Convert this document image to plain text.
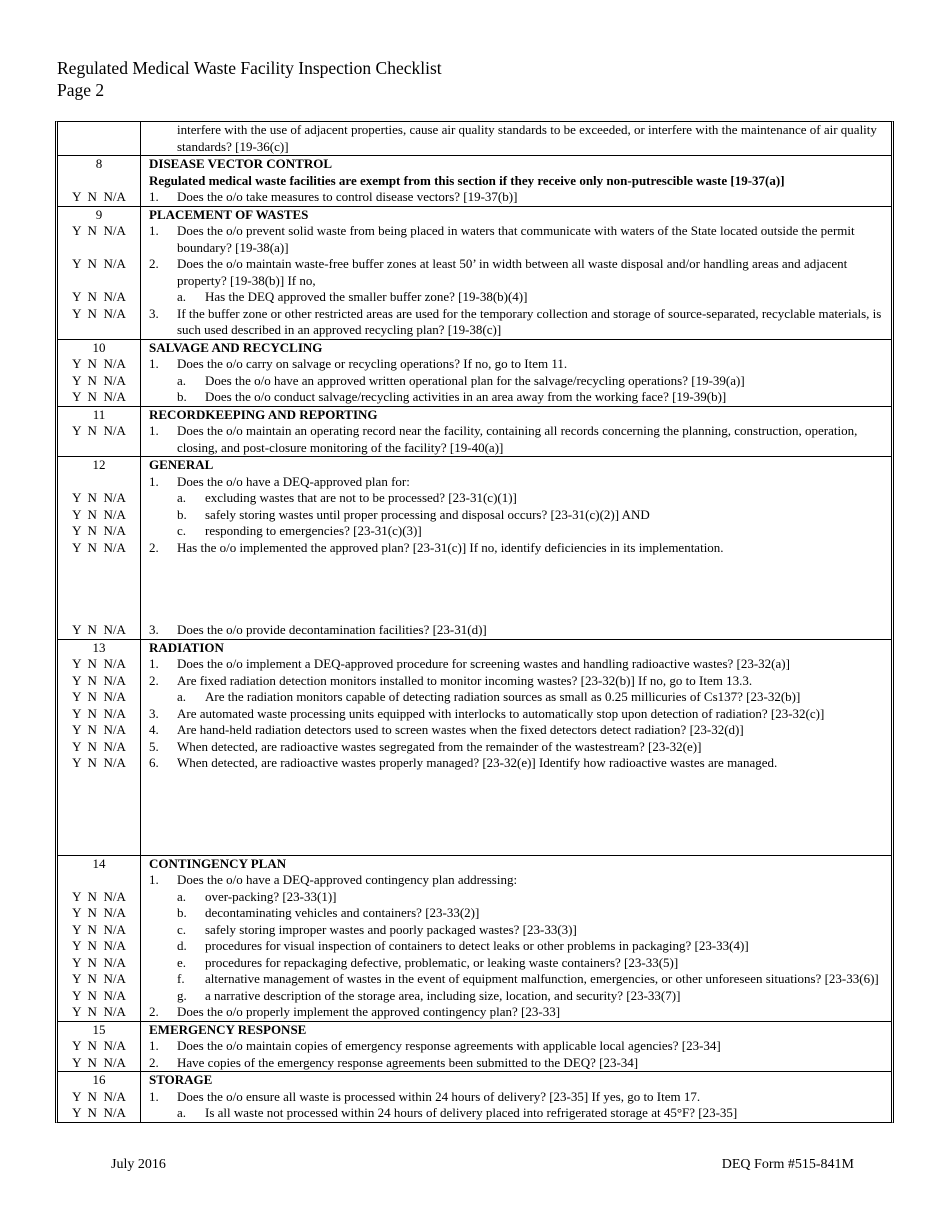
Regulated Medical Waste Facility Inspection Checklist
Page 2
interfere with the use of adjacent properties, cause air quality standards to be exceeded, or interfere with the maintenance of air quality standards? [19-36(c)]
8	DISEASE VECTOR CONTROL
Regulated medical waste facilities are exempt from this section if they receive only non-putrescible waste [19-37(a)]
Y  N  N/A	1.	Does the o/o take measures to control disease vectors? [19-37(b)]
9	PLACEMENT OF WASTES
Y  N  N/A	1.	Does the o/o prevent solid waste from being placed in waters that communicate with waters of the State located outside the permit boundary? [19-38(a)]
Y  N  N/A	2.	Does the o/o maintain waste-free buffer zones at least 50’ in width between all waste disposal and/or handling areas and adjacent property? [19-38(b)] If no,
Y  N  N/A	a.	Has the DEQ approved the smaller buffer zone? [19-38(b)(4)]
Y  N  N/A	3.	If the buffer zone or other restricted areas are used for the temporary collection and storage of source-separated, recyclable materials, is such used described in an approved recycling plan? [19-38(c)]
10	SALVAGE AND RECYCLING
Y  N  N/A	1.	Does the o/o carry on salvage or recycling operations? If no, go to Item 11.
Y  N  N/A	a.	Does the o/o have an approved written operational plan for the salvage/recycling operations? [19-39(a)]
Y  N  N/A	b.	Does the o/o conduct salvage/recycling activities in an area away from the working face? [19-39(b)]
11	RECORDKEEPING AND REPORTING
Y  N  N/A	1.	Does the o/o maintain an operating record near the facility, containing all records concerning the planning, construction, operation, closing, and post-closure monitoring of the facility? [19-40(a)]
12	GENERAL
1.	Does the o/o have a DEQ-approved plan for:
Y  N  N/A	a.	excluding wastes that are not to be processed? [23-31(c)(1)]
Y  N  N/A	b.	safely storing wastes until proper processing and disposal occurs? [23-31(c)(2)] AND
Y  N  N/A	c.	responding to emergencies? [23-31(c)(3)]
Y  N  N/A	2.	Has the o/o implemented the approved plan? [23-31(c)] If no, identify deficiencies in its implementation.
Y  N  N/A	3.	Does the o/o provide decontamination facilities? [23-31(d)]
13	RADIATION
Y  N  N/A	1.	Does the o/o implement a DEQ-approved procedure for screening wastes and handling radioactive wastes? [23-32(a)]
Y  N  N/A	2.	Are fixed radiation detection monitors installed to monitor incoming wastes? [23-32(b)] If no, go to Item 13.3.
Y  N  N/A	a.	Are the radiation monitors capable of detecting radiation sources as small as 0.25 millicuries of Cs137? [23-32(b)]
Y  N  N/A	3.	Are automated waste processing units equipped with interlocks to automatically stop upon detection of radiation? [23-32(c)]
Y  N  N/A	4.	Are hand-held radiation detectors used to screen wastes when the fixed detectors detect radiation? [23-32(d)]
Y  N  N/A	5.	When detected, are radioactive wastes segregated from the remainder of the wastestream? [23-32(e)]
Y  N  N/A	6.	When detected, are radioactive wastes properly managed? [23-32(e)] Identify how radioactive wastes are managed.
14	CONTINGENCY PLAN
1.	Does the o/o have a DEQ-approved contingency plan addressing:
Y  N  N/A	a.	over-packing? [23-33(1)]
Y  N  N/A	b.	decontaminating vehicles and containers? [23-33(2)]
Y  N  N/A	c.	safely storing improper wastes and poorly packaged wastes? [23-33(3)]
Y  N  N/A	d.	procedures for visual inspection of containers to detect leaks or other problems in packaging? [23-33(4)]
Y  N  N/A	e.	procedures for repackaging defective, problematic, or leaking waste containers? [23-33(5)]
Y  N  N/A	f.	alternative management of wastes in the event of equipment malfunction, emergencies, or other unforeseen situations? [23-33(6)]
Y  N  N/A	g.	a narrative description of the storage area, including size, location, and security? [23-33(7)]
Y  N  N/A	2.	Does the o/o properly implement the approved contingency plan? [23-33]
15	EMERGENCY RESPONSE
Y  N  N/A	1.	Does the o/o maintain copies of emergency response agreements with applicable local agencies? [23-34]
Y  N  N/A	2.	Have copies of the emergency response agreements been submitted to the DEQ? [23-34]
16	STORAGE
Y  N  N/A	1.	Does the o/o ensure all waste is processed within 24 hours of delivery? [23-35] If yes, go to Item 17.
Y  N  N/A	a.	Is all waste not processed within 24 hours of delivery placed into refrigerated storage at 45°F? [23-35]
July 2016	DEQ Form #515-841M
